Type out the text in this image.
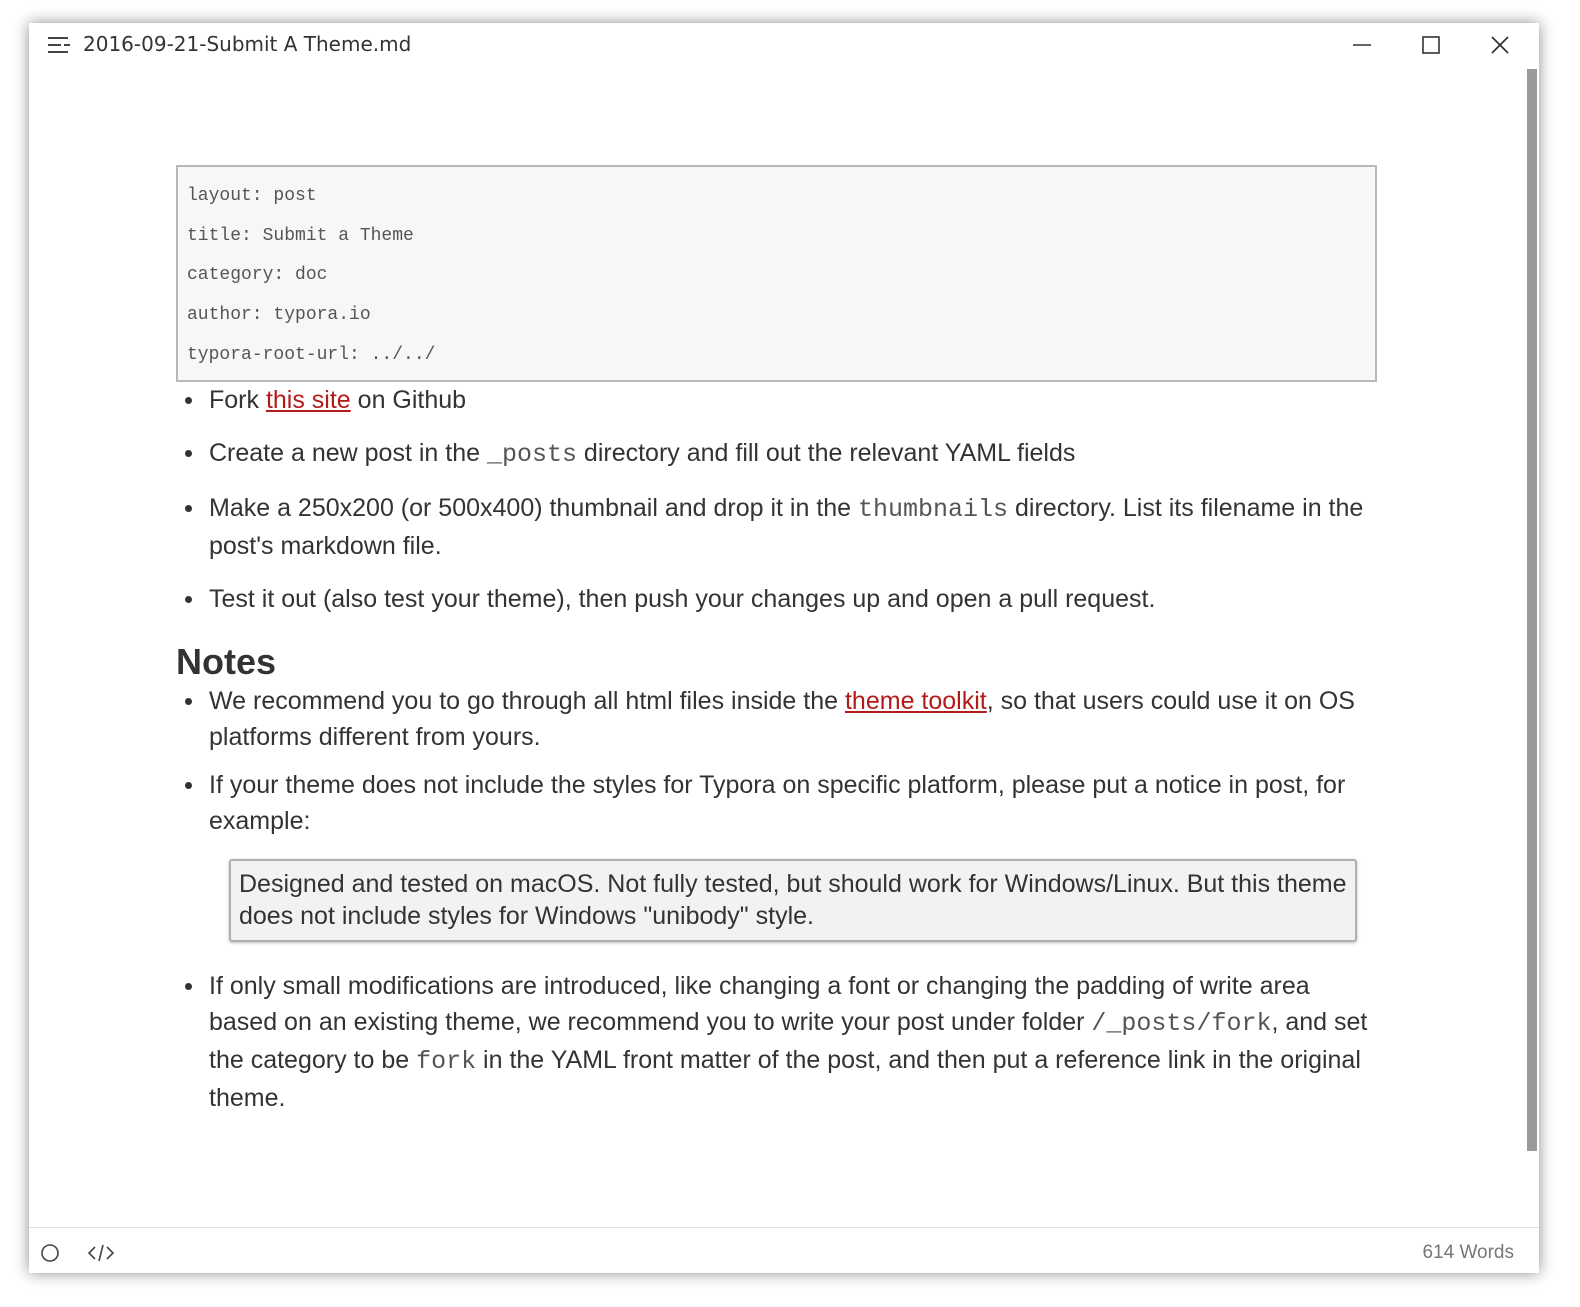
2016-09-21-Submit A Theme.md
layout: post
title: Submit a Theme
category: doc
author: typora.io
typora-root-url: ../../
Fork this site on Github
Create a new post in the _posts directory and fill out the relevant YAML fields
Make a 250x200 (or 500x400) thumbnail and drop it in the thumbnails directory. List its filename in the post's markdown file.
Test it out (also test your theme), then push your changes up and open a pull request.
Notes
We recommend you to go through all html files inside the theme toolkit, so that users could use it on OS platforms different from yours.
If your theme does not include the styles for Typora on specific platform, please put a notice in post, for example:
Designed and tested on macOS. Not fully tested, but should work for Windows/Linux. But this theme does not include styles for Windows "unibody" style.
If only small modifications are introduced, like changing a font or changing the padding of write area based on an existing theme, we recommend you to write your post under folder /_posts/fork, and set the category to be fork in the YAML front matter of the post, and then put a reference link in the original theme.
614 Words
